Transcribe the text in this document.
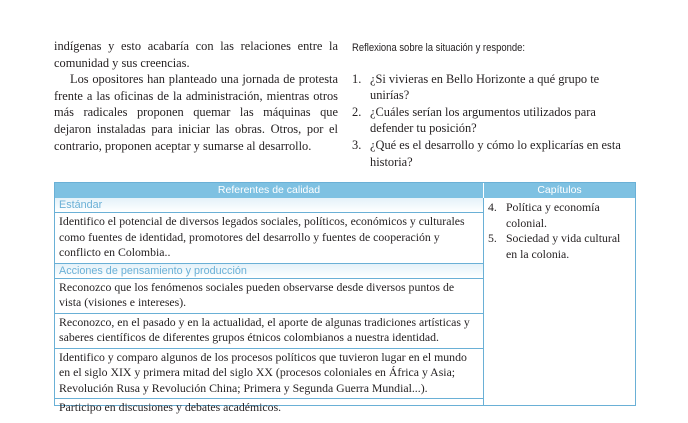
indígenas y esto acabaría con las relaciones entre la comunidad y sus creencias.

Los opositores han planteado una jornada de protesta frente a las oficinas de la administración, mientras otros más radicales proponen quemar las máquinas que dejaron instaladas para iniciar las obras. Otros, por el contrario, proponen aceptar y sumarse al desarrollo.

Reflexiona sobre la situación y responde:
1. ¿Si vivieras en Bello Horizonte a qué grupo te unirías?
2. ¿Cuáles serían los argumentos utilizados para defender tu posición?
3. ¿Qué es el desarrollo y cómo lo explicarías en esta historia?
Referentes de calidad	Capítulos
Estándar
Identifico el potencial de diversos legados sociales, políticos, económicos y culturales como fuentes de identidad, promotores del desarrollo y fuentes de cooperación y conflicto en Colombia..
Acciones de pensamiento y producción
Reconozco que los fenómenos sociales pueden observarse desde diversos puntos de vista (visiones e intereses).
Reconozco, en el pasado y en la actualidad, el aporte de algunas tradiciones artísticas y saberes científicos de diferentes grupos étnicos colombianos a nuestra identidad.
Identifico y comparo algunos de los procesos políticos que tuvieron lugar en el mundo en el siglo XIX y primera mitad del siglo XX (procesos coloniales en África y Asia; Revolución Rusa y Revolución China; Primera y Segunda Guerra Mundial...).
Participo en discusiones y debates académicos.
4. Política y economía colonial.
5. Sociedad y vida cultural en la colonia.
